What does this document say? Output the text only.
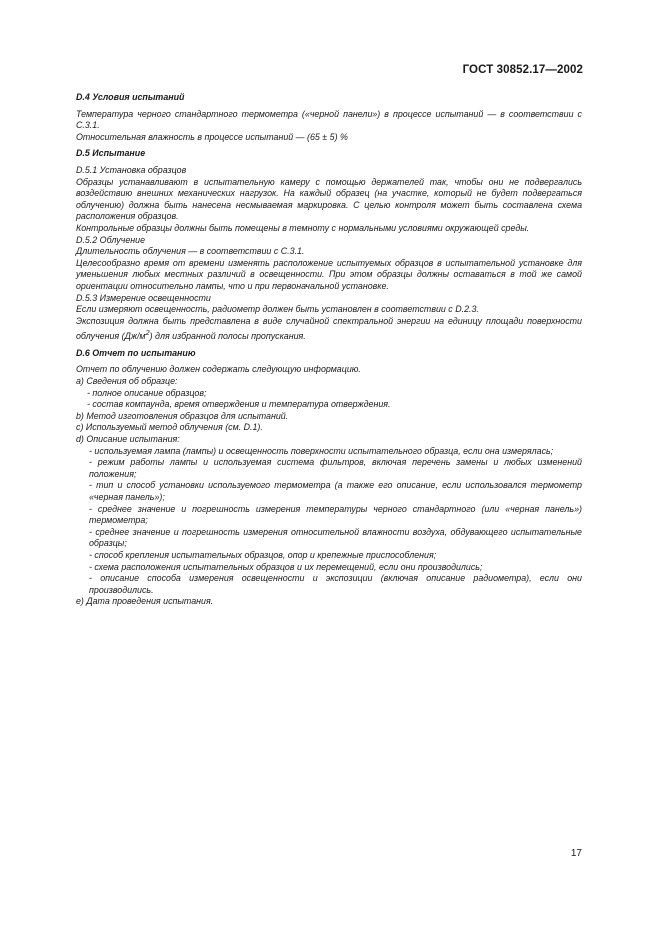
ГОСТ 30852.17—2002

D.4 Условия испытаний

Температура черного стандартного термометра («черной панели») в процессе испытаний — в соответствии с С.3.1.

Относительная влажность в процессе испытаний — (65 ± 5) %

D.5 Испытание

D.5.1 Установка образцов

Образцы устанавливают в испытательную камеру с помощью держателей так, чтобы они не подвергались воздействию внешних механических нагрузок. На каждый образец (на участке, который не будет подвергаться облучению) должна быть нанесена несмываемая маркировка. С целью контроля может быть составлена схема расположения образцов.

Контрольные образцы должны быть помещены в темноту с нормальными условиями окружающей среды.

D.5.2 Облучение

Длительность облучения — в соответствии с С.3.1.

Целесообразно время от времени изменять расположение испытуемых образцов в испытательной установке для уменьшения любых местных различий в освещенности. При этом образцы должны оставаться в той же самой ориентации относительно лампы, что и при первоначальной установке.

D.5.3 Измерение освещенности

Если измеряют освещенность, радиометр должен быть установлен в соответствии с D.2.3.

Экспозиция должна быть представлена в виде случайной спектральной энергии на единицу площади поверхности облучения $(Дж/м^2)$ для избранной полосы пропускания.

D.6 Отчет по испытанию

Отчет по облучению должен содержать следующую информацию.

а) Сведения об образце:

- полное описание образцов;

- состав компаунда, время отверждения и температура отверждения.

b) Метод изготовления образцов для испытаний.

с) Используемый метод облучения (см. D.1).

d) Описание испытания:

- используемая лампа (лампы) и освещенность поверхности испытательного образца, если она измерялась;

- режим работы лампы и используемая система фильтров, включая перечень замены и любых изменений положения;

- тип и способ установки используемого термометра (а также его описание, если использовался термометр «черная панель»);

- среднее значение и погрешность измерения температуры черного стандартного (или «черная панель») термометра;

- среднее значение и погрешность измерения относительной влажности воздуха, обдувающего испытательные образцы;

- способ крепления испытательных образцов, опор и крепежные приспособления;

- схема расположения испытательных образцов и их перемещений, если они производились;

- описание способа измерения освещенности и экспозиции (включая описание радиометра), если они производились.

е) Дата проведения испытания.

17
